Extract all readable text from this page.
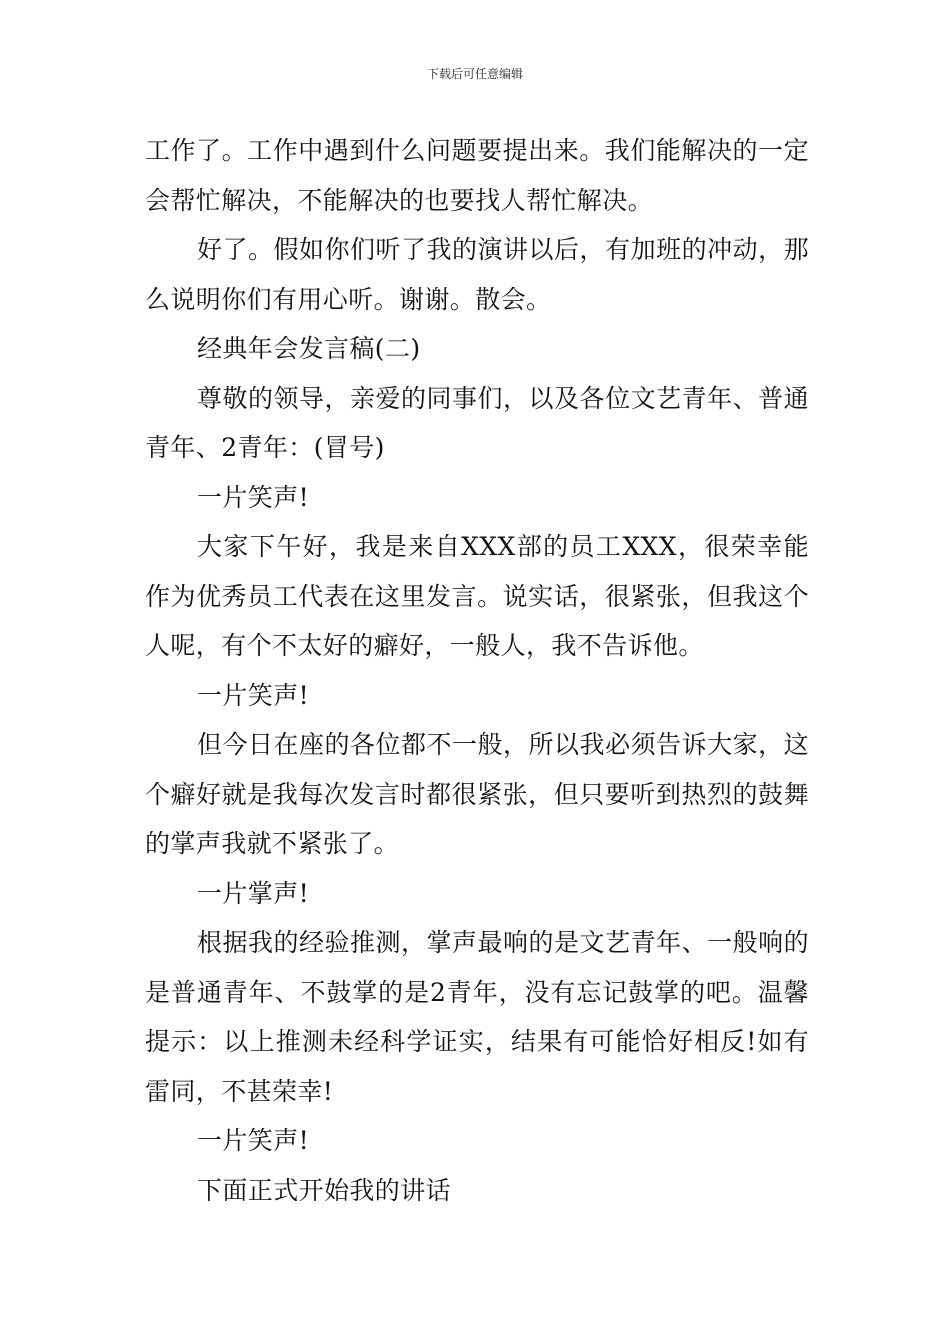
下载后可任意编辑

工作了。工作中遇到什么问题要提出来。我们能解决的一定会帮忙解决，不能解决的也要找人帮忙解决。

好了。假如你们听了我的演讲以后，有加班的冲动，那么说明你们有用心听。谢谢。散会。

经典年会发言稿(二)

尊敬的领导，亲爱的同事们，以及各位文艺青年、普通青年、2青年：(冒号)

一片笑声!

大家下午好，我是来自XXX部的员工XXX，很荣幸能作为优秀员工代表在这里发言。说实话，很紧张，但我这个人呢，有个不太好的癖好，一般人，我不告诉他。

一片笑声!

但今日在座的各位都不一般，所以我必须告诉大家，这个癖好就是我每次发言时都很紧张，但只要听到热烈的鼓舞的掌声我就不紧张了。

一片掌声!

根据我的经验推测，掌声最响的是文艺青年、一般响的是普通青年、不鼓掌的是2青年，没有忘记鼓掌的吧。温馨提示：以上推测未经科学证实，结果有可能恰好相反!如有雷同，不甚荣幸!

一片笑声!

下面正式开始我的讲话
